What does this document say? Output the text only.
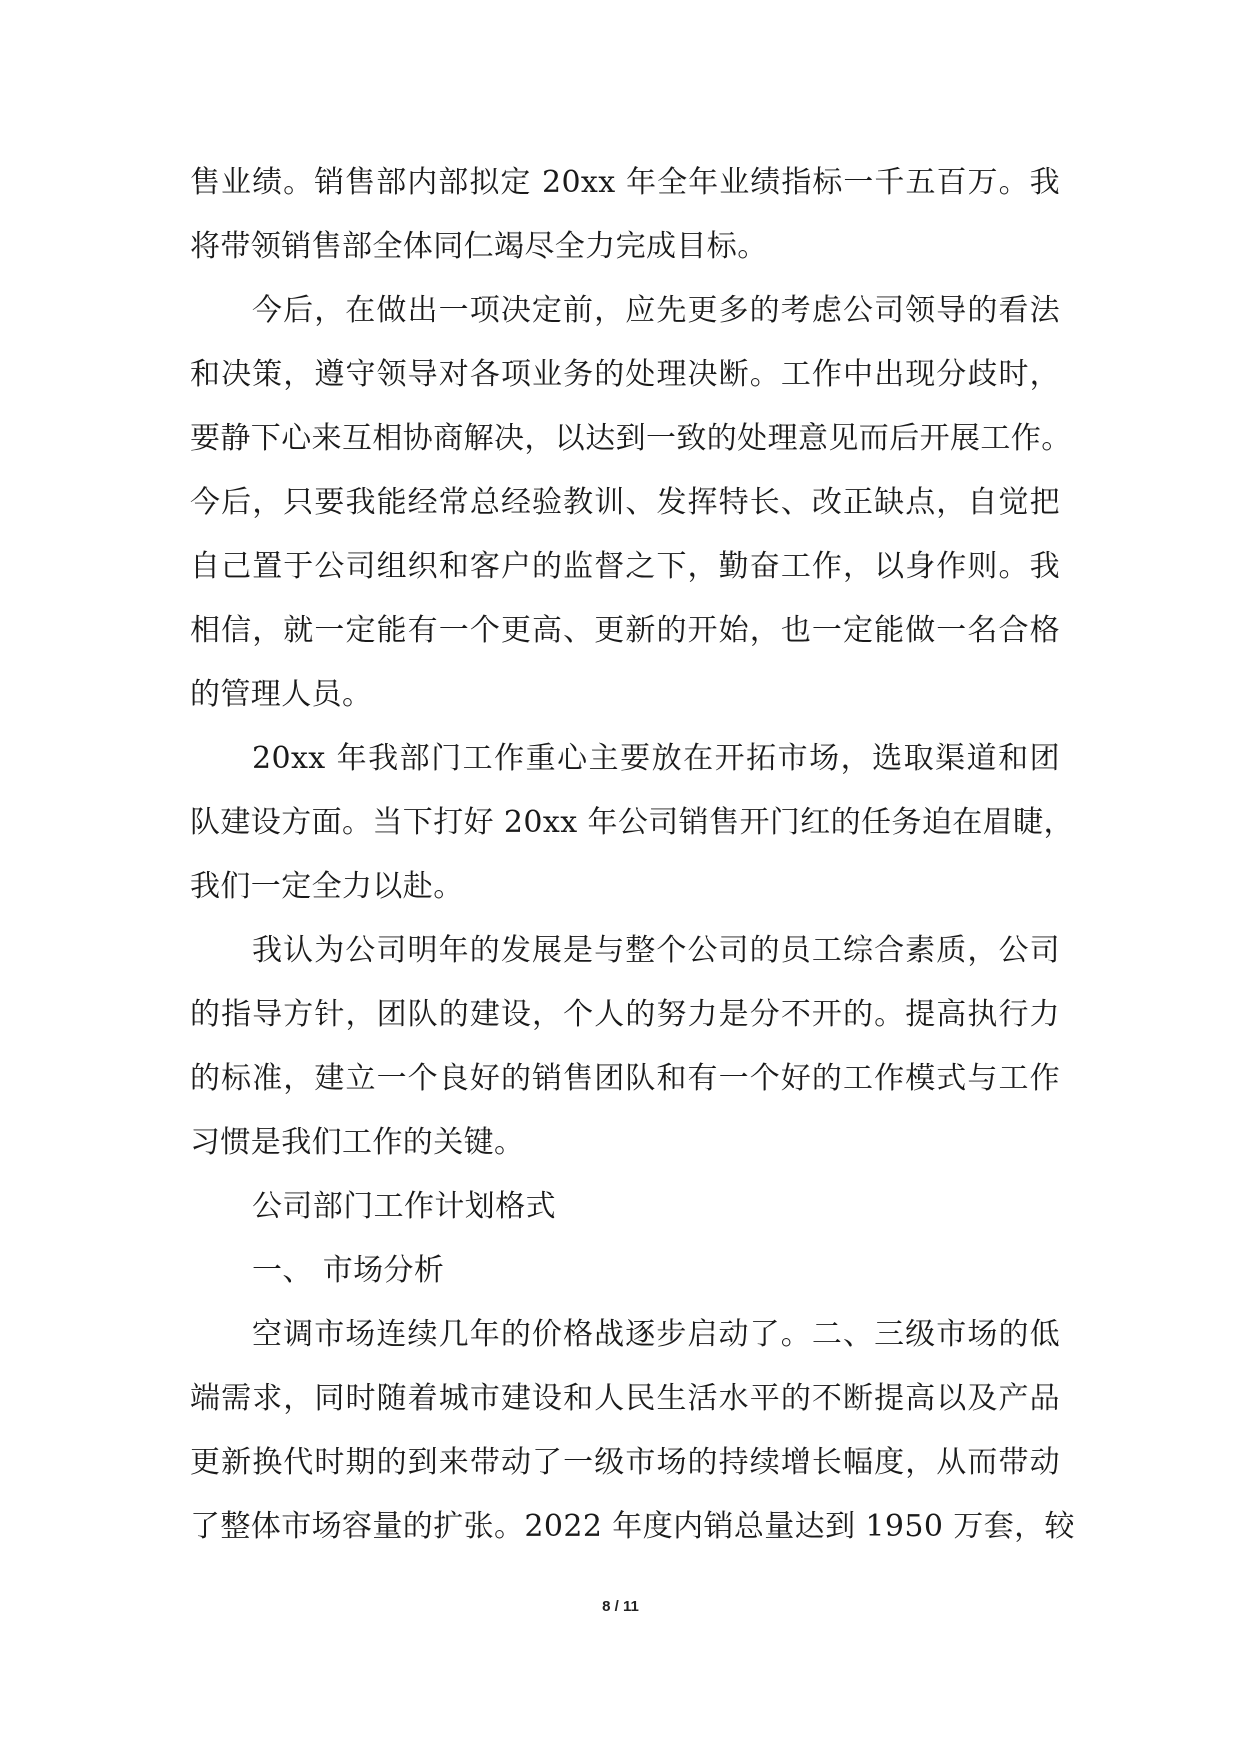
售业绩。销售部内部拟定 20xx 年全年业绩指标一千五百万。我
将带领销售部全体同仁竭尽全力完成目标。
今后，在做出一项决定前，应先更多的考虑公司领导的看法
和决策，遵守领导对各项业务的处理决断。工作中出现分歧时，
要静下心来互相协商解决，以达到一致的处理意见而后开展工作。
今后，只要我能经常总经验教训、发挥特长、改正缺点，自觉把
自己置于公司组织和客户的监督之下，勤奋工作，以身作则。我
相信，就一定能有一个更高、更新的开始，也一定能做一名合格
的管理人员。
20xx 年我部门工作重心主要放在开拓市场，选取渠道和团
队建设方面。当下打好 20xx 年公司销售开门红的任务迫在眉睫，
我们一定全力以赴。
我认为公司明年的发展是与整个公司的员工综合素质，公司
的指导方针，团队的建设，个人的努力是分不开的。提高执行力
的标准，建立一个良好的销售团队和有一个好的工作模式与工作
习惯是我们工作的关键。
公司部门工作计划格式
一、 市场分析
空调市场连续几年的价格战逐步启动了。二、三级市场的低
端需求，同时随着城市建设和人民生活水平的不断提高以及产品
更新换代时期的到来带动了一级市场的持续增长幅度，从而带动
了整体市场容量的扩张。2022 年度内销总量达到 1950 万套，较
8 / 11
